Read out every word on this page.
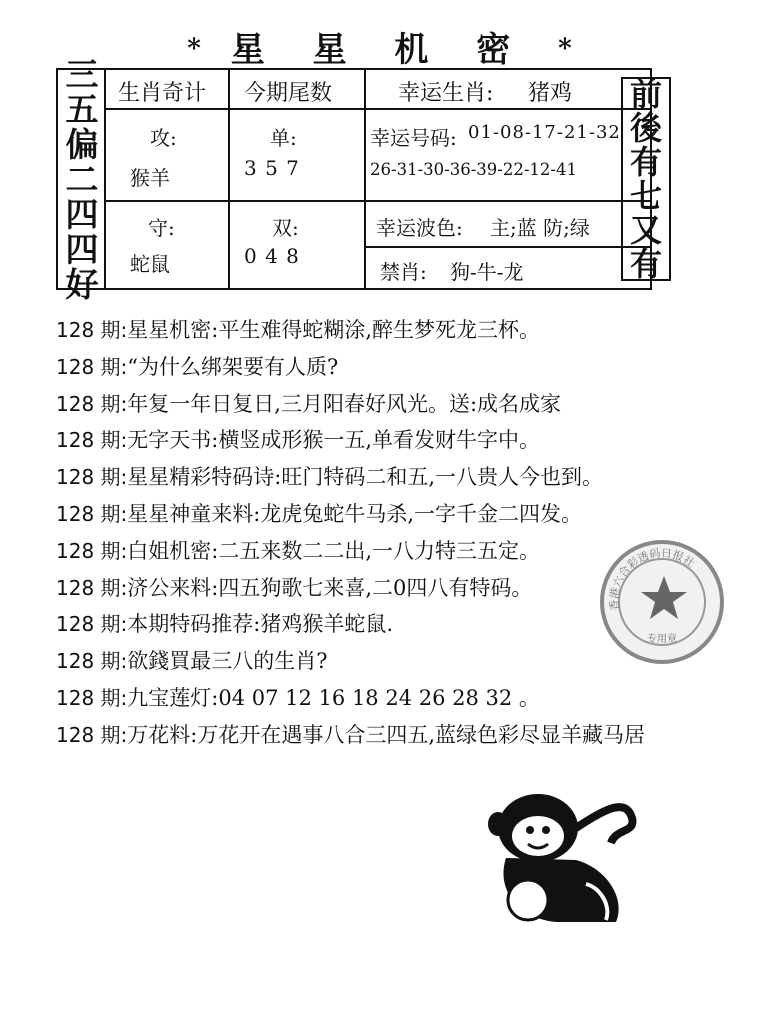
* 星 星 机 密 *
三
五
偏
二
四
四
好
生肖奇计 今期尾数	幸运生肖: 猪鸡
攻:
猴羊
单:
3 5 7
幸运号码: 01-08-17-21-32
26-31-30-36-39-22-12-41
守:
蛇鼠
双:
0 4 8
幸运波色: 主;蓝 防;绿
禁肖: 狗-牛-龙
前
後
有
七
又
有
128 期:星星机密:平生难得蛇糊涂,醉生梦死龙三杯。
128 期:“为什么绑架要有人质?
128 期:年复一年日复日,三月阳春好风光。送:成名成家
128 期:无字天书:横竖成形猴一五,单看发财牛字中。
128 期:星星精彩特码诗:旺门特码二和五,一八贵人今也到。
128 期:星星神童来料:龙虎兔蛇牛马杀,一字千金二四发。
128 期:白姐机密:二五来数二二出,一八力特三五定。
128 期:济公来料:四五狗歌七来喜,二0四八有特码。
128 期:本期特码推荐:猪鸡猴羊蛇鼠.
128 期:欲錢買最三八的生肖?
128 期:九宝莲灯:04 07 12 16 18 24 26 28 32 。
128 期:万花料:万花开在遇事八合三四五,蓝绿色彩尽显羊藏马居
专用章
香港六合彩透码日报社
